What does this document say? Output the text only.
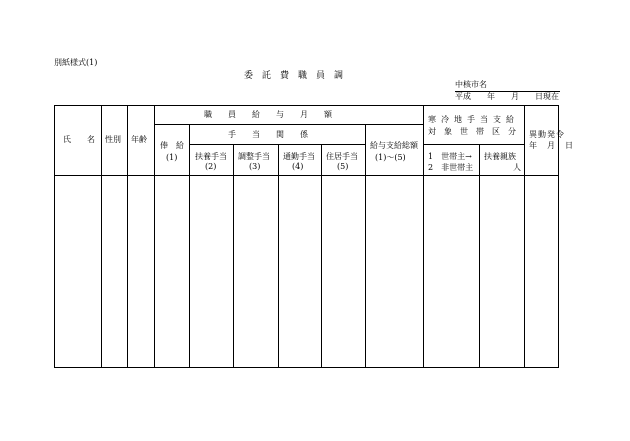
別紙様式(1)
委　託　費　職　員　調
中核市名
平成　　年　　月　　日現在
氏　　名 性別 年齢
職　　員　　給　　与　　月　　額
俸　給
(1)
手　　当　　関　　係
扶養手当
(2)
調整手当
(3)
通勤手当
(4)
住居手当
(5)
給与支給総額
(1)〜(5)
寒冷地手当支給
対象世帯区分
1　世帯主→
2　非世帯主
扶養親族
人
異動発令
年　月　日
